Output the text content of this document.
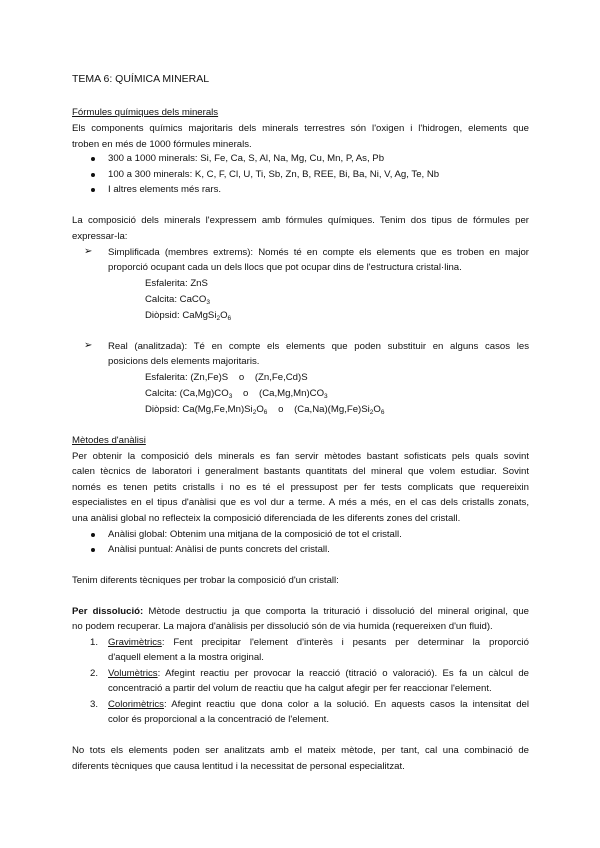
TEMA 6: QUÍMICA MINERAL
Fórmules químiques dels minerals
Els components químics majoritaris dels minerals terrestres són l'oxigen i l'hidrogen, elements que
troben en més de 1000 fórmules minerals.
300 a 1000 minerals: Si, Fe, Ca, S, Al, Na, Mg, Cu, Mn, P, As, Pb
100 a 300 minerals: K, C, F, Cl, U, Ti, Sb, Zn, B, REE, Bi, Ba, Ni, V, Ag, Te, Nb
I altres elements més rars.
La composició dels minerals l'expressem amb fórmules químiques. Tenim dos tipus de fórmules per
expressar-la:
➢ Simplificada (membres extrems): Només té en compte els elements que es troben en major
proporció ocupant cada un dels llocs que pot ocupar dins de l'estructura cristal·lina.
Esfalerita: ZnS
Calcita: CaCO$_3$
Diòpsid: $CaMgSi_2O_6$
➢ Real (analitzada): Té en compte els elements que poden substituir en alguns casos les
posicions dels elements majoritaris.
Esfalerita: (Zn,Fe)S    o    (Zn,Fe,Cd)S
Calcita: $(Ca,Mg)CO_3$ o    $(Ca,Mg,Mn)CO_3$
Diòpsid: $Ca(Mg,Fe,Mn)Si_2O_6$ o    $(Ca,Na)(Mg,Fe)Si_2O_6$
Mètodes d'anàlisi
Per obtenir la composició dels minerals es fan servir mètodes bastant sofisticats pels quals sovint
calen tècnics de laboratori i generalment bastants quantitats del mineral que volem estudiar. Sovint
només es tenen petits cristalls i no es té el pressupost per fer tests complicats que requereixin
especialistes en el tipus d'anàlisi que es vol dur a terme. A més a més, en el cas dels cristalls zonats,
una anàlisi global no reflecteix la composició diferenciada de les diferents zones del cristall.
Anàlisi global: Obtenim una mitjana de la composició de tot el cristall.
Anàlisi puntual: Anàlisi de punts concrets del cristall.
Tenim diferents tècniques per trobar la composició d'un cristall:
Per dissolució: Mètode destructiu ja que comporta la trituració i dissolució del mineral original, que
no podem recuperar. La majora d'anàlisis per dissolució són de via humida (requereixen d'un fluid).
1. Gravimètrics: Fent precipitar l'element d'interès i pesants per determinar la proporció
d'aquell element a la mostra original.
2. Volumètrics: Afegint reactiu per provocar la reacció (titració o valoració). Es fa un càlcul de
concentració a partir del volum de reactiu que ha calgut afegir per fer reaccionar l'element.
3. Colorimètrics: Afegint reactiu que dona color a la solució. En aquests casos la intensitat del
color és proporcional a la concentració de l'element.
No tots els elements poden ser analitzats amb el mateix mètode, per tant, cal una combinació de
diferents tècniques que causa lentitud i la necessitat de personal especialitzat.
